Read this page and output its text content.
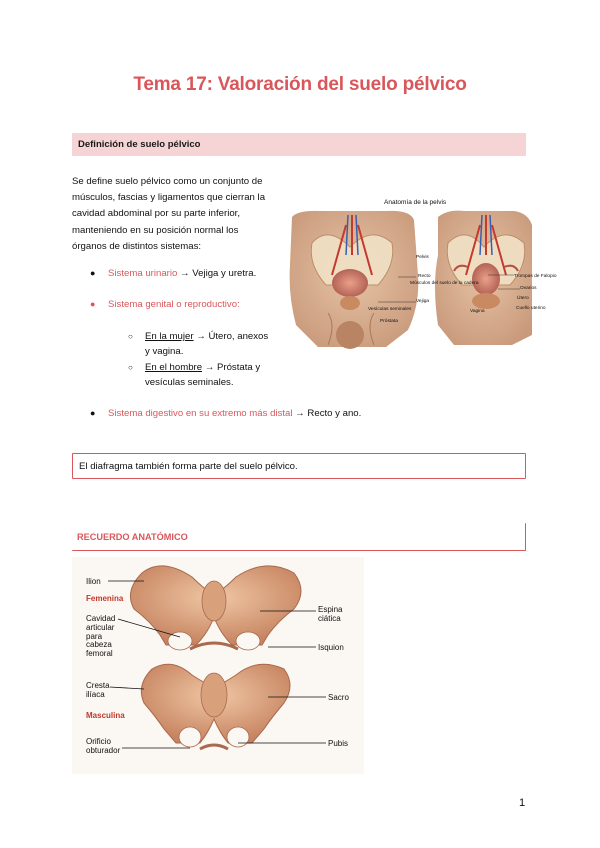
Tema 17: Valoración del suelo pélvico
Definición de suelo pélvico
Se define suelo pélvico como un conjunto de
músculos, fascias y ligamentos que cierran la
cavidad abdominal por su parte inferior,
manteniendo en su posición normal los
órganos de distintos sistemas:
● Sistema urinario → Vejiga y uretra.
● Sistema genital o reproductivo:
○ En la mujer → Útero, anexos
y vagina.
○ En el hombre → Próstata y
vesículas seminales.
● Sistema digestivo en su extremo más distal → Recto y ano.
Anatomía de la pelvis
Pelvis
Recto
Músculos del suelo de la cadera
Vejiga
Vesículas seminales
Próstata
Trompas de Falopio
Ovarios
Útero
Cuello uterino
Vagina
El diafragma también forma parte del suelo pélvico.
RECUERDO ANATÓMICO
Ilion
Femenina
Cavidad
articular
para
cabeza
femoral
Espina
ciática
Isquion
Cresta
ilíaca	Sacro
Masculina
Orificio
obturador
Pubis
1
